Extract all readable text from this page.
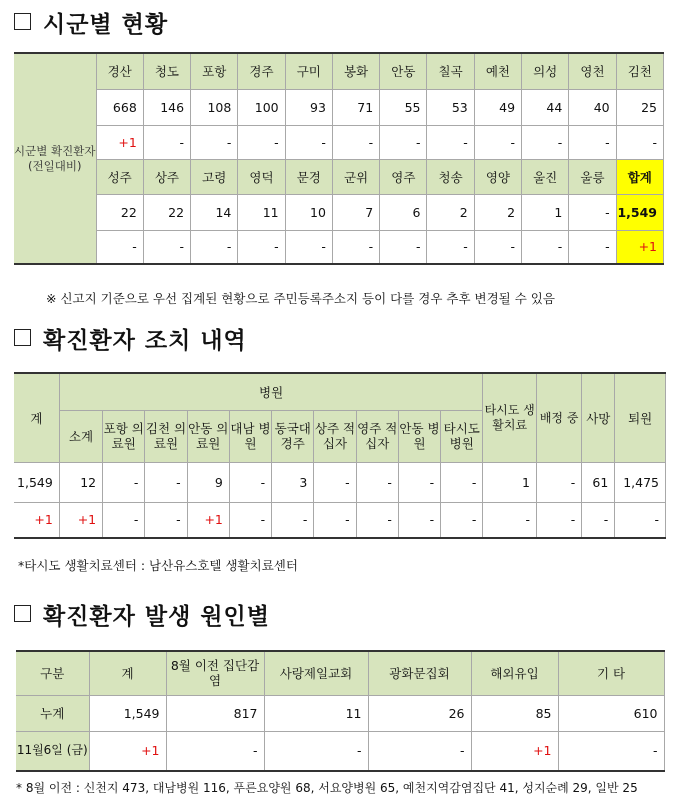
시군별 현황
시군별 확진환자 (전일대비)	경산	청도	포항	경주	구미	봉화	안동	칠곡	예천	의성	영천	김천
	668	146	108	100	93	71	55	53	49	44	40	25
	+1	-	-	-	-	-	-	-	-	-	-	-
	성주	상주	고령	영덕	문경	군위	영주	청송	영양	울진	울릉	합계
	22	22	14	11	10	7	6	2	2	1	-	1,549
	-	-	-	-	-	-	-	-	-	-	-	+1
※ 신고지 기준으로 우선 집계된 현황으로 주민등록주소지 등이 다를 경우 추후 변경될 수 있음
확진환자 조치 내역
계	병원										타시도 생활치료	배정 중	사망	퇴원
	소계	포항 의료원	김천 의료원	안동 의료원	대남 병원	동국대 경주	상주 적십자	영주 적십자	안동 병원	타시도 병원				
1,549	12	-	-	9	-	3	-	-	-	-	1	-	61	1,475
+1	+1	-	-	+1	-	-	-	-	-	-	-	-	-	-
*타시도 생활치료센터 : 남산유스호텔 생활치료센터
확진환자 발생 원인별
구분	계	8월 이전 집단감염	사랑제일교회	광화문집회	해외유입	기 타
누계	1,549	817	11	26	85	610
11월6일 (금)	+1	-	-	-	+1	-
* 8월 이전 : 신천지 473, 대남병원 116, 푸른요양원 68, 서요양병원 65, 예천지역감염집단 41, 성지순례 29, 일반 25
